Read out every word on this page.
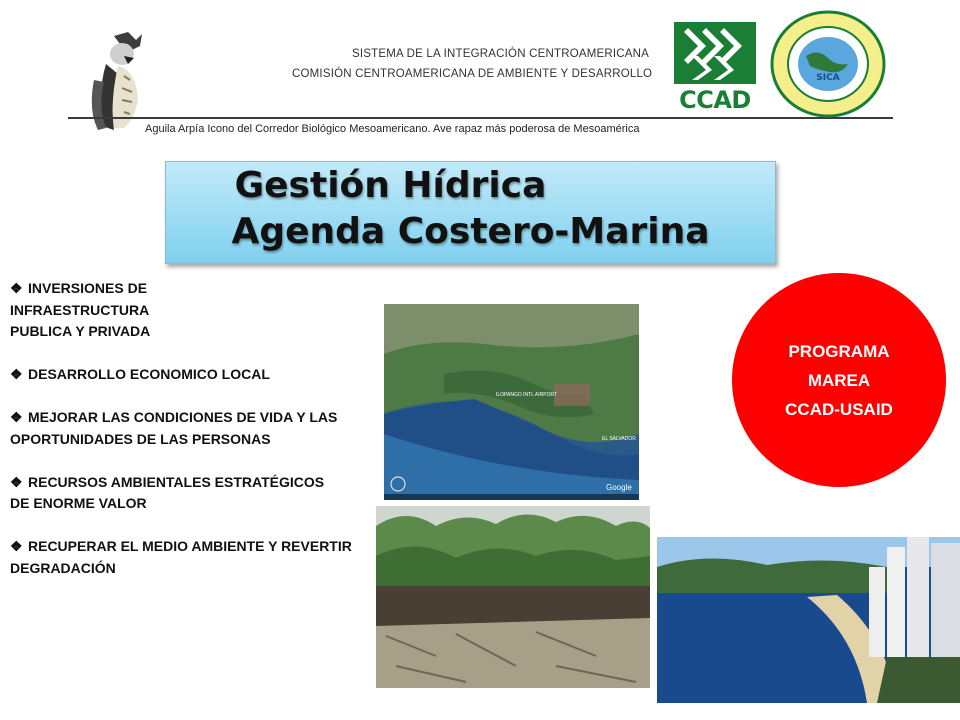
SISTEMA DE LA INTEGRACIÓN CENTROAMERICANA
COMISIÓN CENTROAMERICANA DE AMBIENTE Y DESARROLLO
Aguila Arpía Icono del Corredor Biológico Mesoamericano. Ave rapaz más poderosa de Mesoamérica
CCAD
SICA
Gestión Hídrica
Agenda Costero-Marina
❖ INVERSIONES DE
INFRAESTRUCTURA
PUBLICA Y PRIVADA
❖ DESARROLLO ECONOMICO LOCAL
❖ MEJORAR LAS CONDICIONES DE VIDA Y LAS
OPORTUNIDADES DE LAS PERSONAS
❖ RECURSOS AMBIENTALES ESTRATÉGICOS
DE ENORME VALOR
❖ RECUPERAR EL MEDIO AMBIENTE Y REVERTIR
DEGRADACIÓN
ILOPANGO INTL AIRPORT
EL SALVADOR
Google
PROGRAMA
MAREA
CCAD-USAID
